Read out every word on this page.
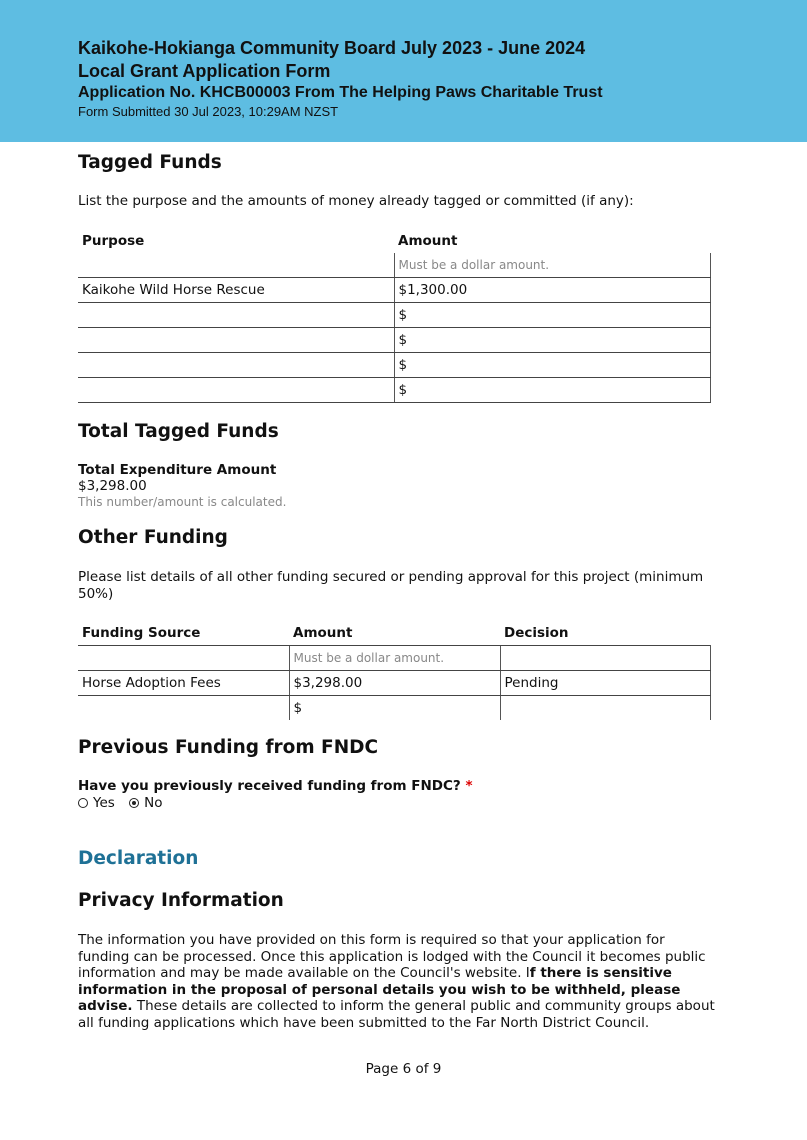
Kaikohe-Hokianga Community Board July 2023 - June 2024
Local Grant Application Form
Application No. KHCB00003 From The Helping Paws Charitable Trust
Form Submitted 30 Jul 2023, 10:29AM NZST
Tagged Funds
List the purpose and the amounts of money already tagged or committed (if any):
Purpose	Amount
	Must be a dollar amount.
Kaikohe Wild Horse Rescue	$1,300.00
	$
	$
	$
	$
Total Tagged Funds
Total Expenditure Amount
$3,298.00
This number/amount is calculated.
Other Funding
Please list details of all other funding secured or pending approval for this project (minimum 50%)
Funding Source	Amount	Decision
	Must be a dollar amount.	
Horse Adoption Fees	$3,298.00	Pending
	$	
Previous Funding from FNDC
Have you previously received funding from FNDC? *
Yes
No
Declaration
Privacy Information
The information you have provided on this form is required so that your application for funding can be processed. Once this application is lodged with the Council it becomes public information and may be made available on the Council's website. If there is sensitive information in the proposal of personal details you wish to be withheld, please advise. These details are collected to inform the general public and community groups about all funding applications which have been submitted to the Far North District Council.
Page 6 of 9
